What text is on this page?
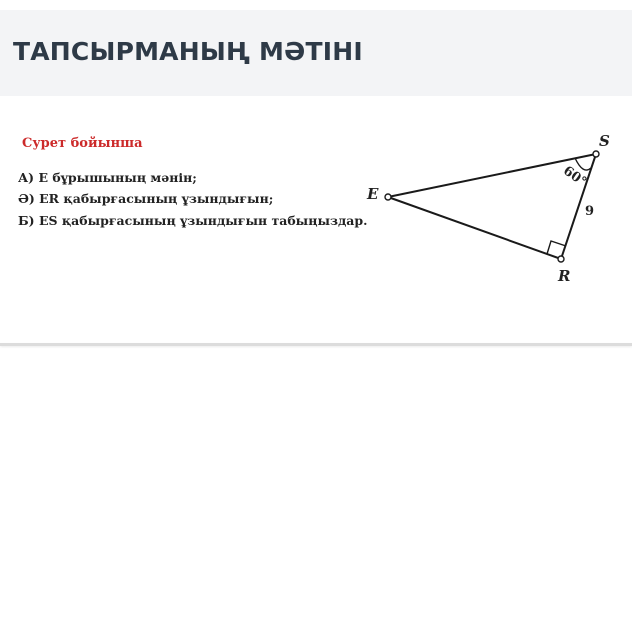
ТАПСЫРМАНЫҢ МӘТІНІ
Сурет бойынша
А) Е бұрышының мәнін;
Ә) ER қабырғасының ұзындығын;
Б) ES қабырғасының ұзындығын табыңыздар.
E
S
R
60°
9
